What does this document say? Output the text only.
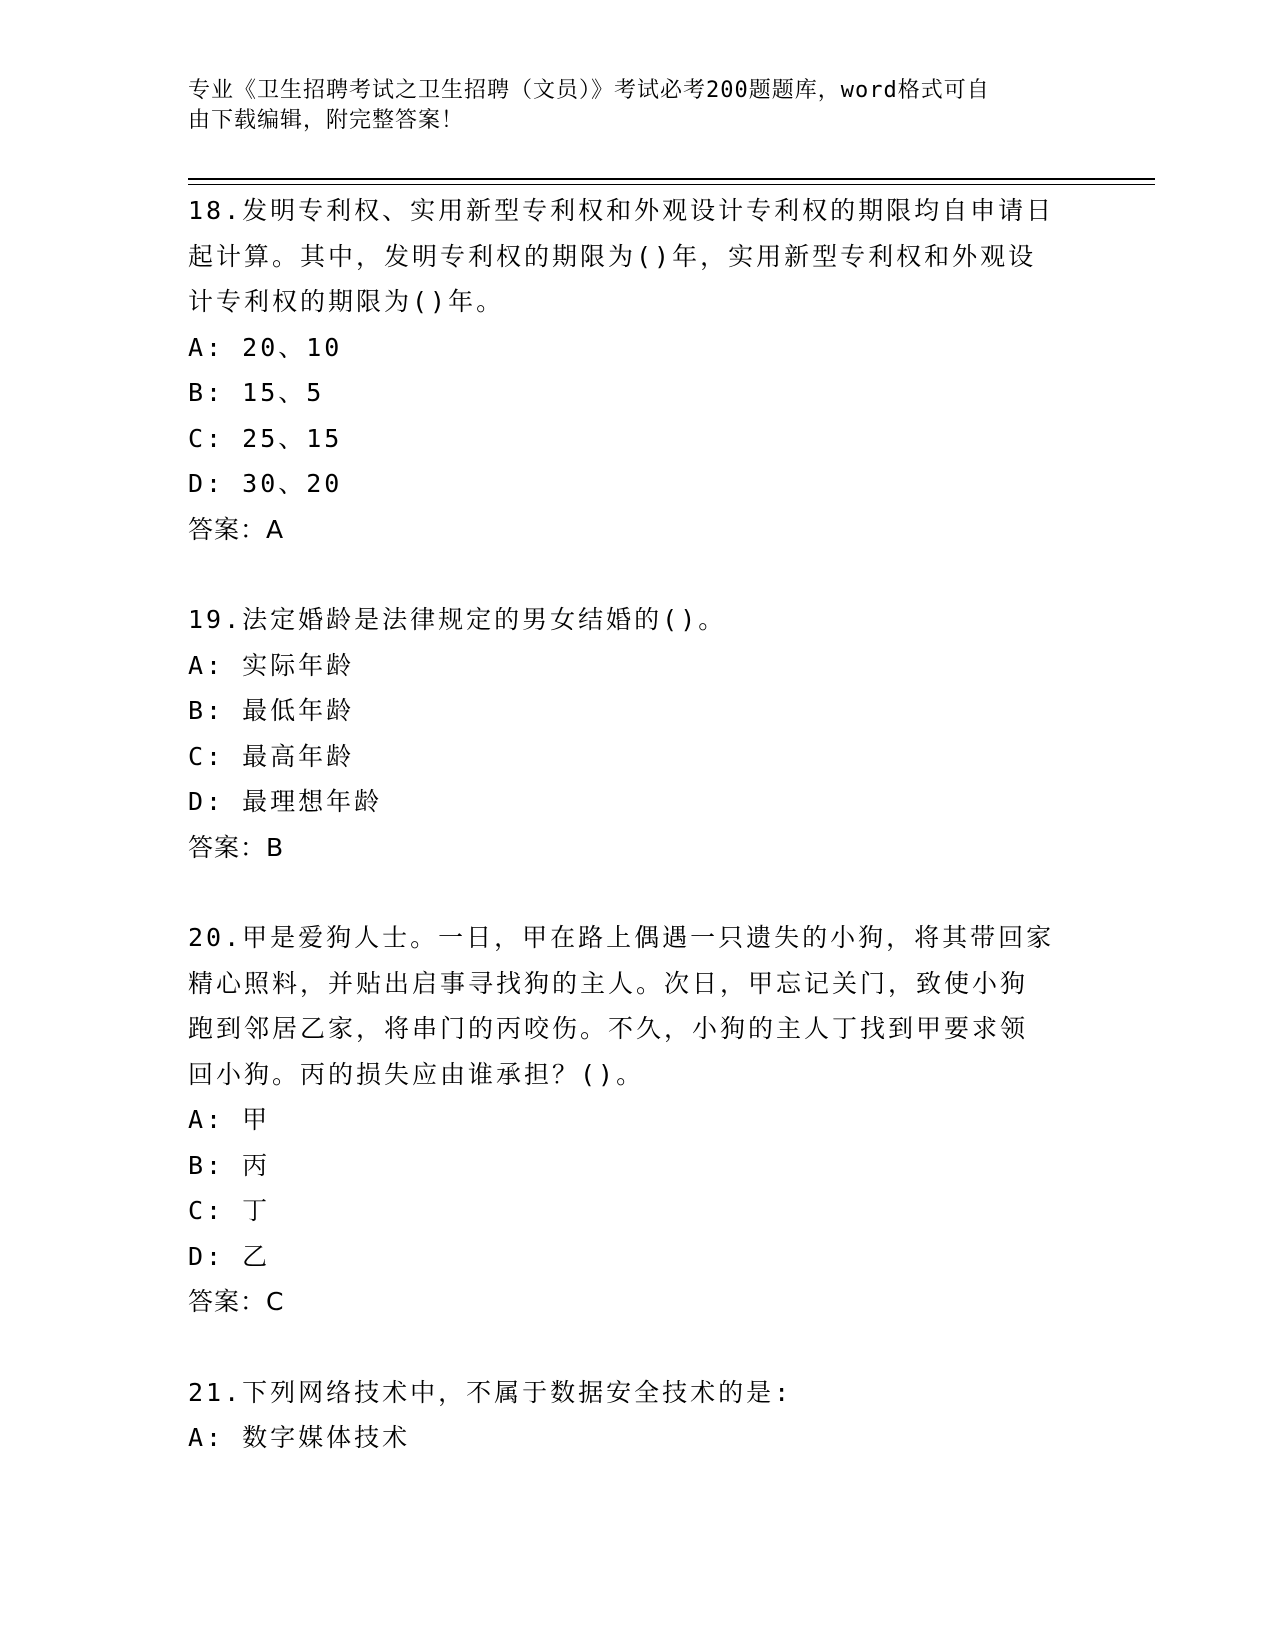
专业《卫生招聘考试之卫生招聘（文员）》考试必考200题题库，word格式可自
由下载编辑，附完整答案！
18.发明专利权、实用新型专利权和外观设计专利权的期限均自申请日
起计算。其中，发明专利权的期限为()年，实用新型专利权和外观设
计专利权的期限为()年。
A: 20、10
B: 15、5
C: 25、15
D: 30、20
答案：A
19.法定婚龄是法律规定的男女结婚的()。
A: 实际年龄
B: 最低年龄
C: 最高年龄
D: 最理想年龄
答案：B
20.甲是爱狗人士。一日，甲在路上偶遇一只遗失的小狗，将其带回家
精心照料，并贴出启事寻找狗的主人。次日，甲忘记关门，致使小狗
跑到邻居乙家，将串门的丙咬伤。不久，小狗的主人丁找到甲要求领
回小狗。丙的损失应由谁承担？()。
A: 甲
B: 丙
C: 丁
D: 乙
答案：C
21.下列网络技术中，不属于数据安全技术的是:
A: 数字媒体技术
